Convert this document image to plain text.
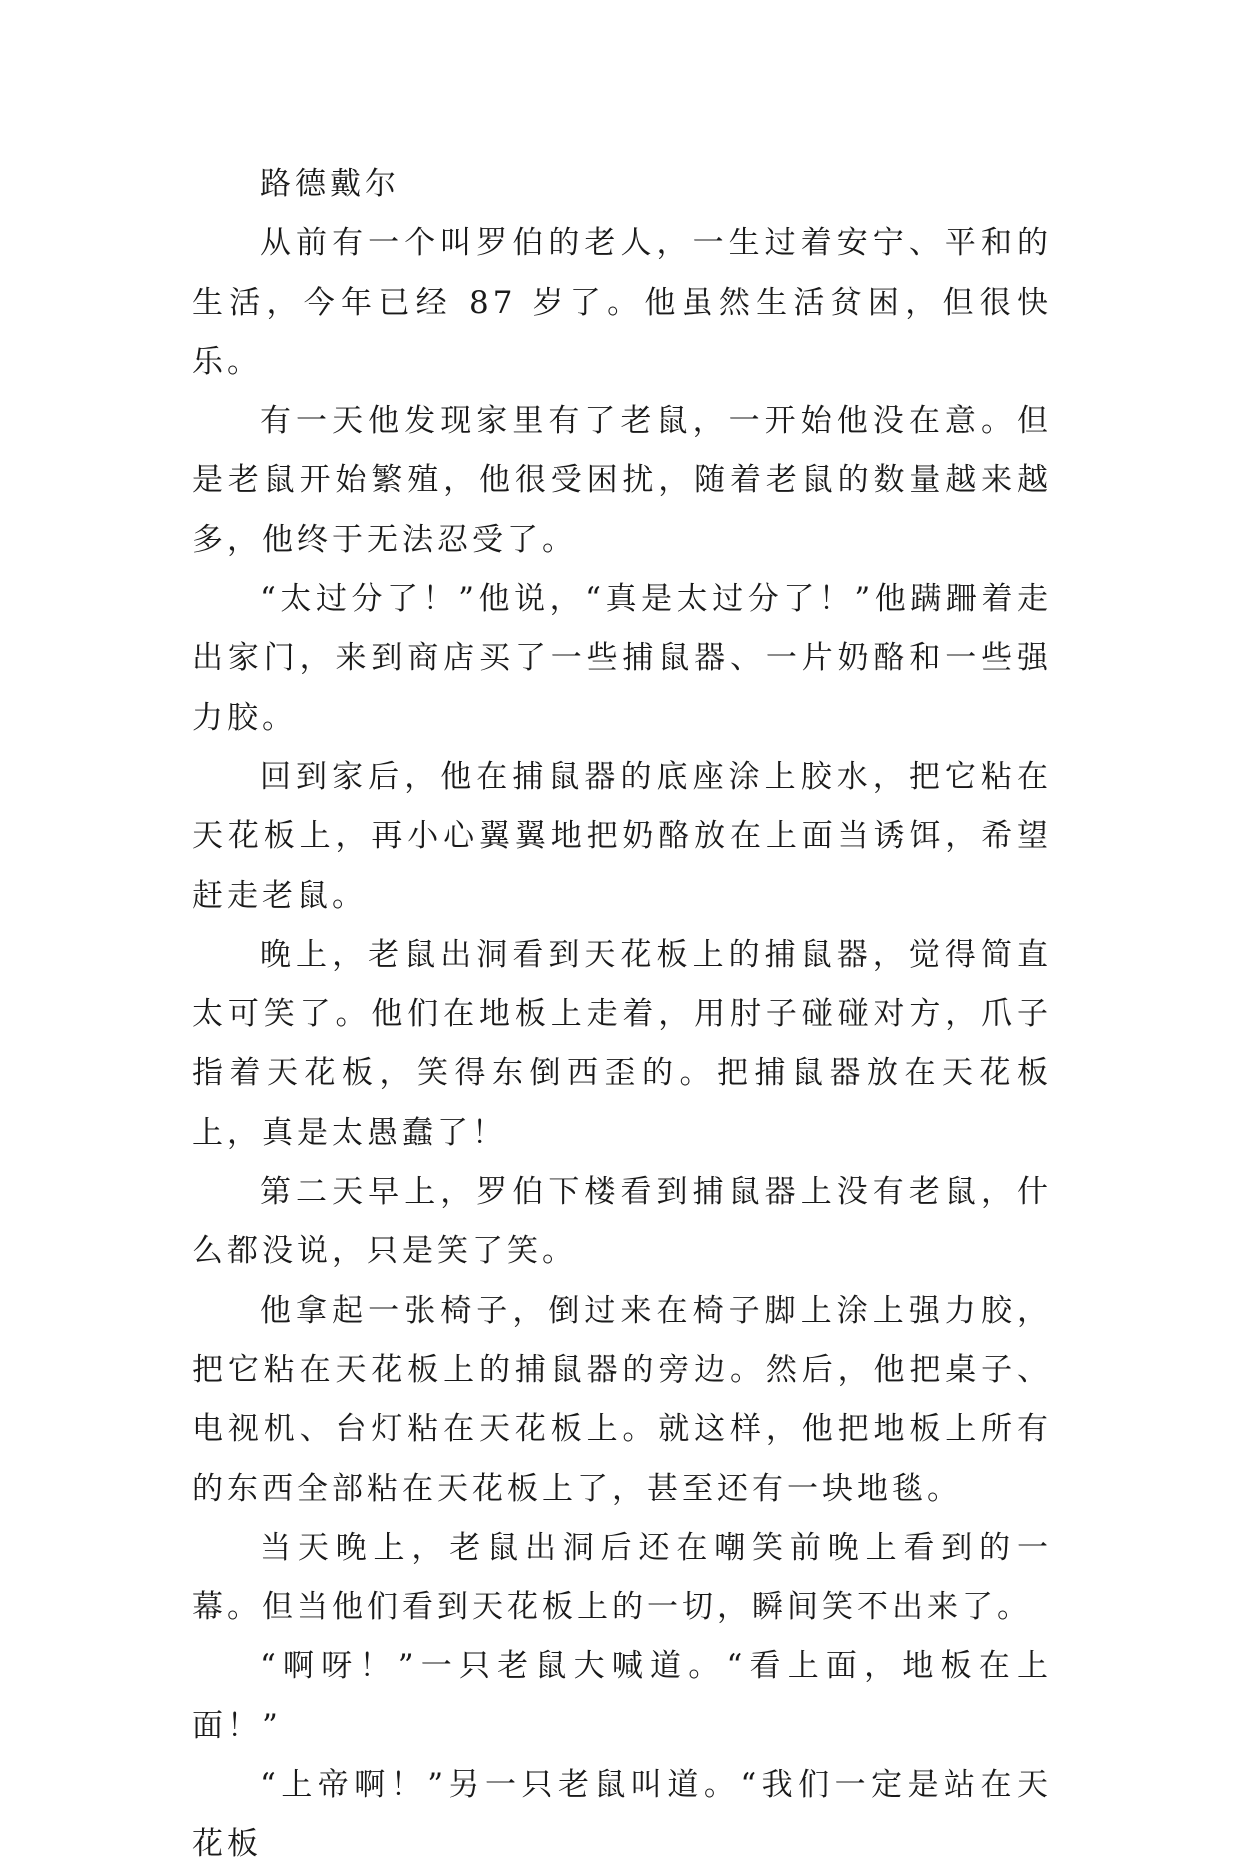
路德戴尔

从前有一个叫罗伯的老人，一生过着安宁、平和的生活，今年已经 87 岁了。他虽然生活贫困，但很快乐。

有一天他发现家里有了老鼠，一开始他没在意。但是老鼠开始繁殖，他很受困扰，随着老鼠的数量越来越多，他终于无法忍受了。

“太过分了！”他说，“真是太过分了！”他蹒跚着走出家门，来到商店买了一些捕鼠器、一片奶酪和一些强力胶。

回到家后，他在捕鼠器的底座涂上胶水，把它粘在天花板上，再小心翼翼地把奶酪放在上面当诱饵，希望赶走老鼠。

晚上，老鼠出洞看到天花板上的捕鼠器，觉得简直太可笑了。他们在地板上走着，用肘子碰碰对方，爪子指着天花板，笑得东倒西歪的。把捕鼠器放在天花板上，真是太愚蠢了！

第二天早上，罗伯下楼看到捕鼠器上没有老鼠，什么都没说，只是笑了笑。

他拿起一张椅子，倒过来在椅子脚上涂上强力胶，把它粘在天花板上的捕鼠器的旁边。然后，他把桌子、电视机、台灯粘在天花板上。就这样，他把地板上所有的东西全部粘在天花板上了，甚至还有一块地毯。

当天晚上，老鼠出洞后还在嘲笑前晚上看到的一幕。但当他们看到天花板上的一切，瞬间笑不出来了。

“啊呀！”一只老鼠大喊道。“看上面，地板在上面！”

“上帝啊！”另一只老鼠叫道。“我们一定是站在天花板
